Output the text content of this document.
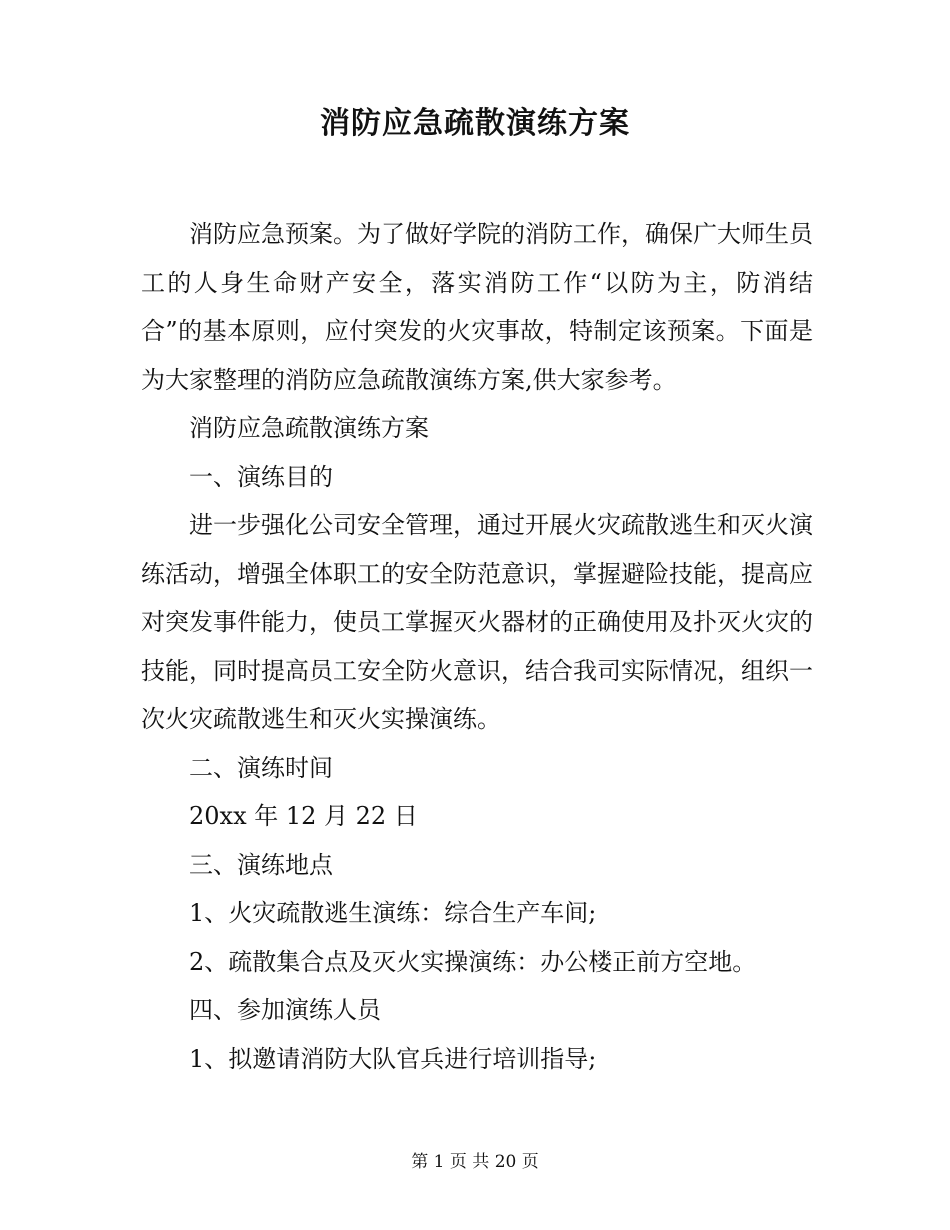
消防应急疏散演练方案

消防应急预案。为了做好学院的消防工作，确保广大师生员工的人身生命财产安全，落实消防工作“以防为主，防消结合”的基本原则，应付突发的火灾事故，特制定该预案。下面是为大家整理的消防应急疏散演练方案,供大家参考。

消防应急疏散演练方案

一、演练目的

进一步强化公司安全管理，通过开展火灾疏散逃生和灭火演练活动，增强全体职工的安全防范意识，掌握避险技能，提高应对突发事件能力，使员工掌握灭火器材的正确使用及扑灭火灾的技能，同时提高员工安全防火意识，结合我司实际情况，组织一次火灾疏散逃生和灭火实操演练。

二、演练时间

20xx 年 12 月 22 日

三、演练地点

1、火灾疏散逃生演练：综合生产车间;

2、疏散集合点及灭火实操演练：办公楼正前方空地。

四、参加演练人员

1、拟邀请消防大队官兵进行培训指导;

第 1 页 共 20 页
